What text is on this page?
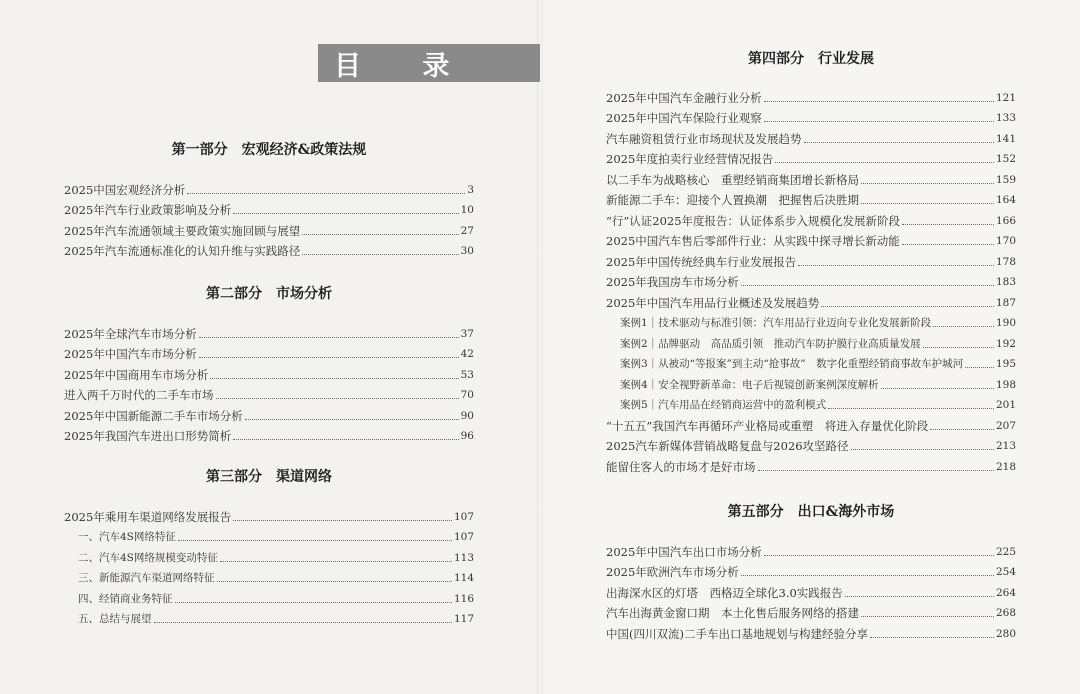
目 录
第一部分　宏观经济&政策法规
2025中国宏观经济分析	3
2025年汽车行业政策影响及分析	10
2025年汽车流通领域主要政策实施回顾与展望	27
2025年汽车流通标准化的认知升维与实践路径	30
第二部分　市场分析
2025年全球汽车市场分析	37
2025年中国汽车市场分析	42
2025年中国商用车市场分析	53
进入两千万时代的二手车市场	70
2025年中国新能源二手车市场分析	90
2025年我国汽车进出口形势简析	96
第三部分　渠道网络
2025年乘用车渠道网络发展报告	107
一、汽车4S网络特征	107
二、汽车4S网络规模变动特征	113
三、新能源汽车渠道网络特征	114
四、经销商业务特征	116
五、总结与展望	117
第四部分　行业发展
2025年中国汽车金融行业分析	121
2025年中国汽车保险行业观察	133
汽车融资租赁行业市场现状及发展趋势	141
2025年度拍卖行业经营情况报告	152
以二手车为战略核心　重塑经销商集团增长新格局	159
新能源二手车：迎接个人置换潮　把握售后决胜期	164
“行”认证2025年度报告：认证体系步入规模化发展新阶段	166
2025中国汽车售后零部件行业：从实践中探寻增长新动能	170
2025年中国传统经典车行业发展报告	178
2025年我国房车市场分析	183
2025年中国汽车用品行业概述及发展趋势	187
案例1｜技术驱动与标准引领：汽车用品行业迈向专业化发展新阶段	190
案例2｜品牌驱动　高品质引领　推动汽车防护膜行业高质量发展	192
案例3｜从被动“等报案”到主动“抢事故”　数字化重塑经销商事故车护城河	195
案例4｜安全视野新革命：电子后视镜创新案例深度解析	198
案例5｜汽车用品在经销商运营中的盈利模式	201
“十五五”我国汽车再循环产业格局或重塑　将进入存量优化阶段	207
2025汽车新媒体营销战略复盘与2026攻坚路径	213
能留住客人的市场才是好市场	218
第五部分　出口&海外市场
2025年中国汽车出口市场分析	225
2025年欧洲汽车市场分析	254
出海深水区的灯塔　西格迈全球化3.0实践报告	264
汽车出海黄金窗口期　本土化售后服务网络的搭建	268
中国(四川双流)二手车出口基地规划与构建经验分享	280
